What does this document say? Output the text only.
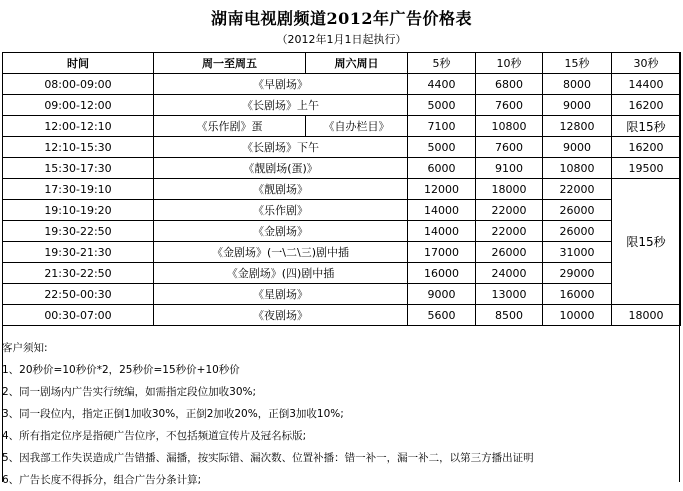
湖南电视剧频道2012年广告价格表
（2012年1月1日起执行）
时间	周一至周五	周六周日	5秒	10秒	15秒	30秒
08:00-09:00	《早剧场》		4400	6800	8000	14400
09:00-12:00	《长剧场》上午		5000	7600	9000	16200
12:00-12:10	《乐作剧》蛋	《自办栏目》	7100	10800	12800	限15秒
12:10-15:30	《长剧场》下午		5000	7600	9000	16200
15:30-17:30	《靓剧场(蛋)》		6000	9100	10800	19500
17:30-19:10	《靓剧场》		12000	18000	22000	限15秒
19:10-19:20	《乐作剧》		14000	22000	26000	
19:30-22:50	《金剧场》		14000	22000	26000	
19:30-21:30	《金剧场》(一\二\三)剧中插		17000	26000	31000	
21:30-22:50	《金剧场》(四)剧中插		16000	24000	29000	
22:50-00:30	《星剧场》		9000	13000	16000	
00:30-07:00	《夜剧场》		5600	8500	10000	18000
客户须知:
1、20秒价=10秒价*2，25秒价=15秒价+10秒价
2、同一剧场内广告实行统编，如需指定段位加收30%;
3、同一段位内，指定正倒1加收30%，正倒2加收20%，正倒3加收10%;
4、所有指定位序是指硬广告位序，不包括频道宣传片及冠名标版;
5、因我部工作失误造成广告错播、漏播，按实际错、漏次数、位置补播：错一补一，漏一补二，以第三方播出证明
6、广告长度不得拆分，组合广告分条计算;
